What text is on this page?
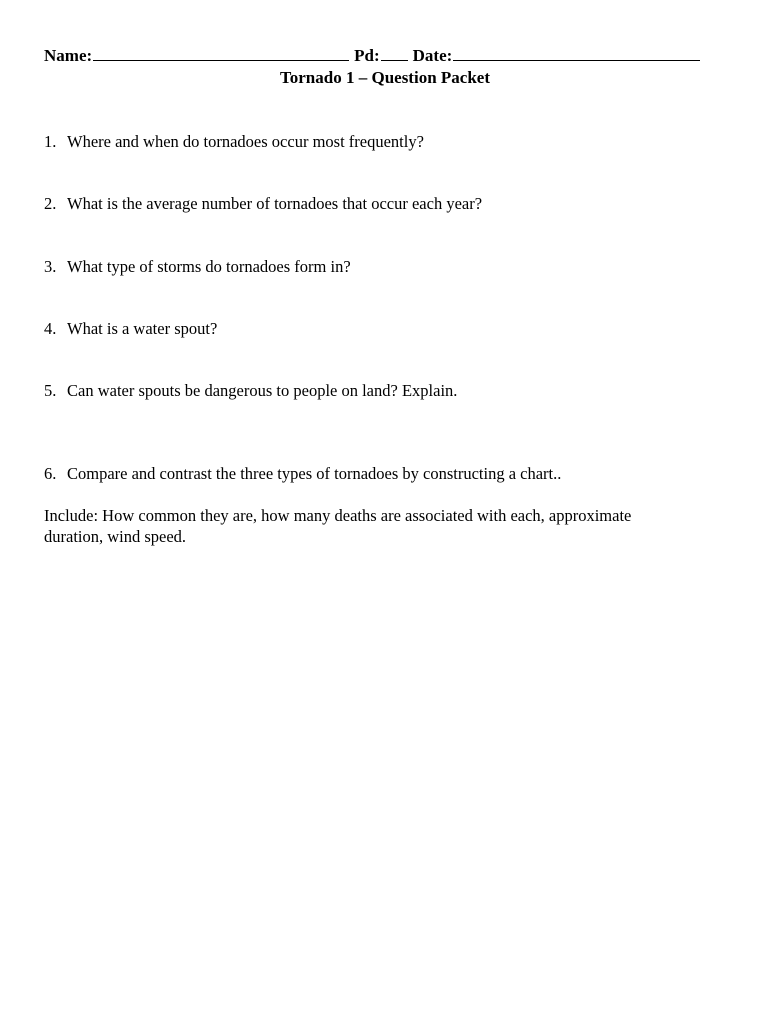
Name:	Pd: Date:
Tornado 1 – Question Packet
1. Where and when do tornadoes occur most frequently?
2. What is the average number of tornadoes that occur each year?
3. What type of storms do tornadoes form in?
4. What is a water spout?
5. Can water spouts be dangerous to people on land? Explain.
6. Compare and contrast the three types of tornadoes by constructing a chart..
Include: How common they are, how many deaths are associated with each, approximate
duration, wind speed.
